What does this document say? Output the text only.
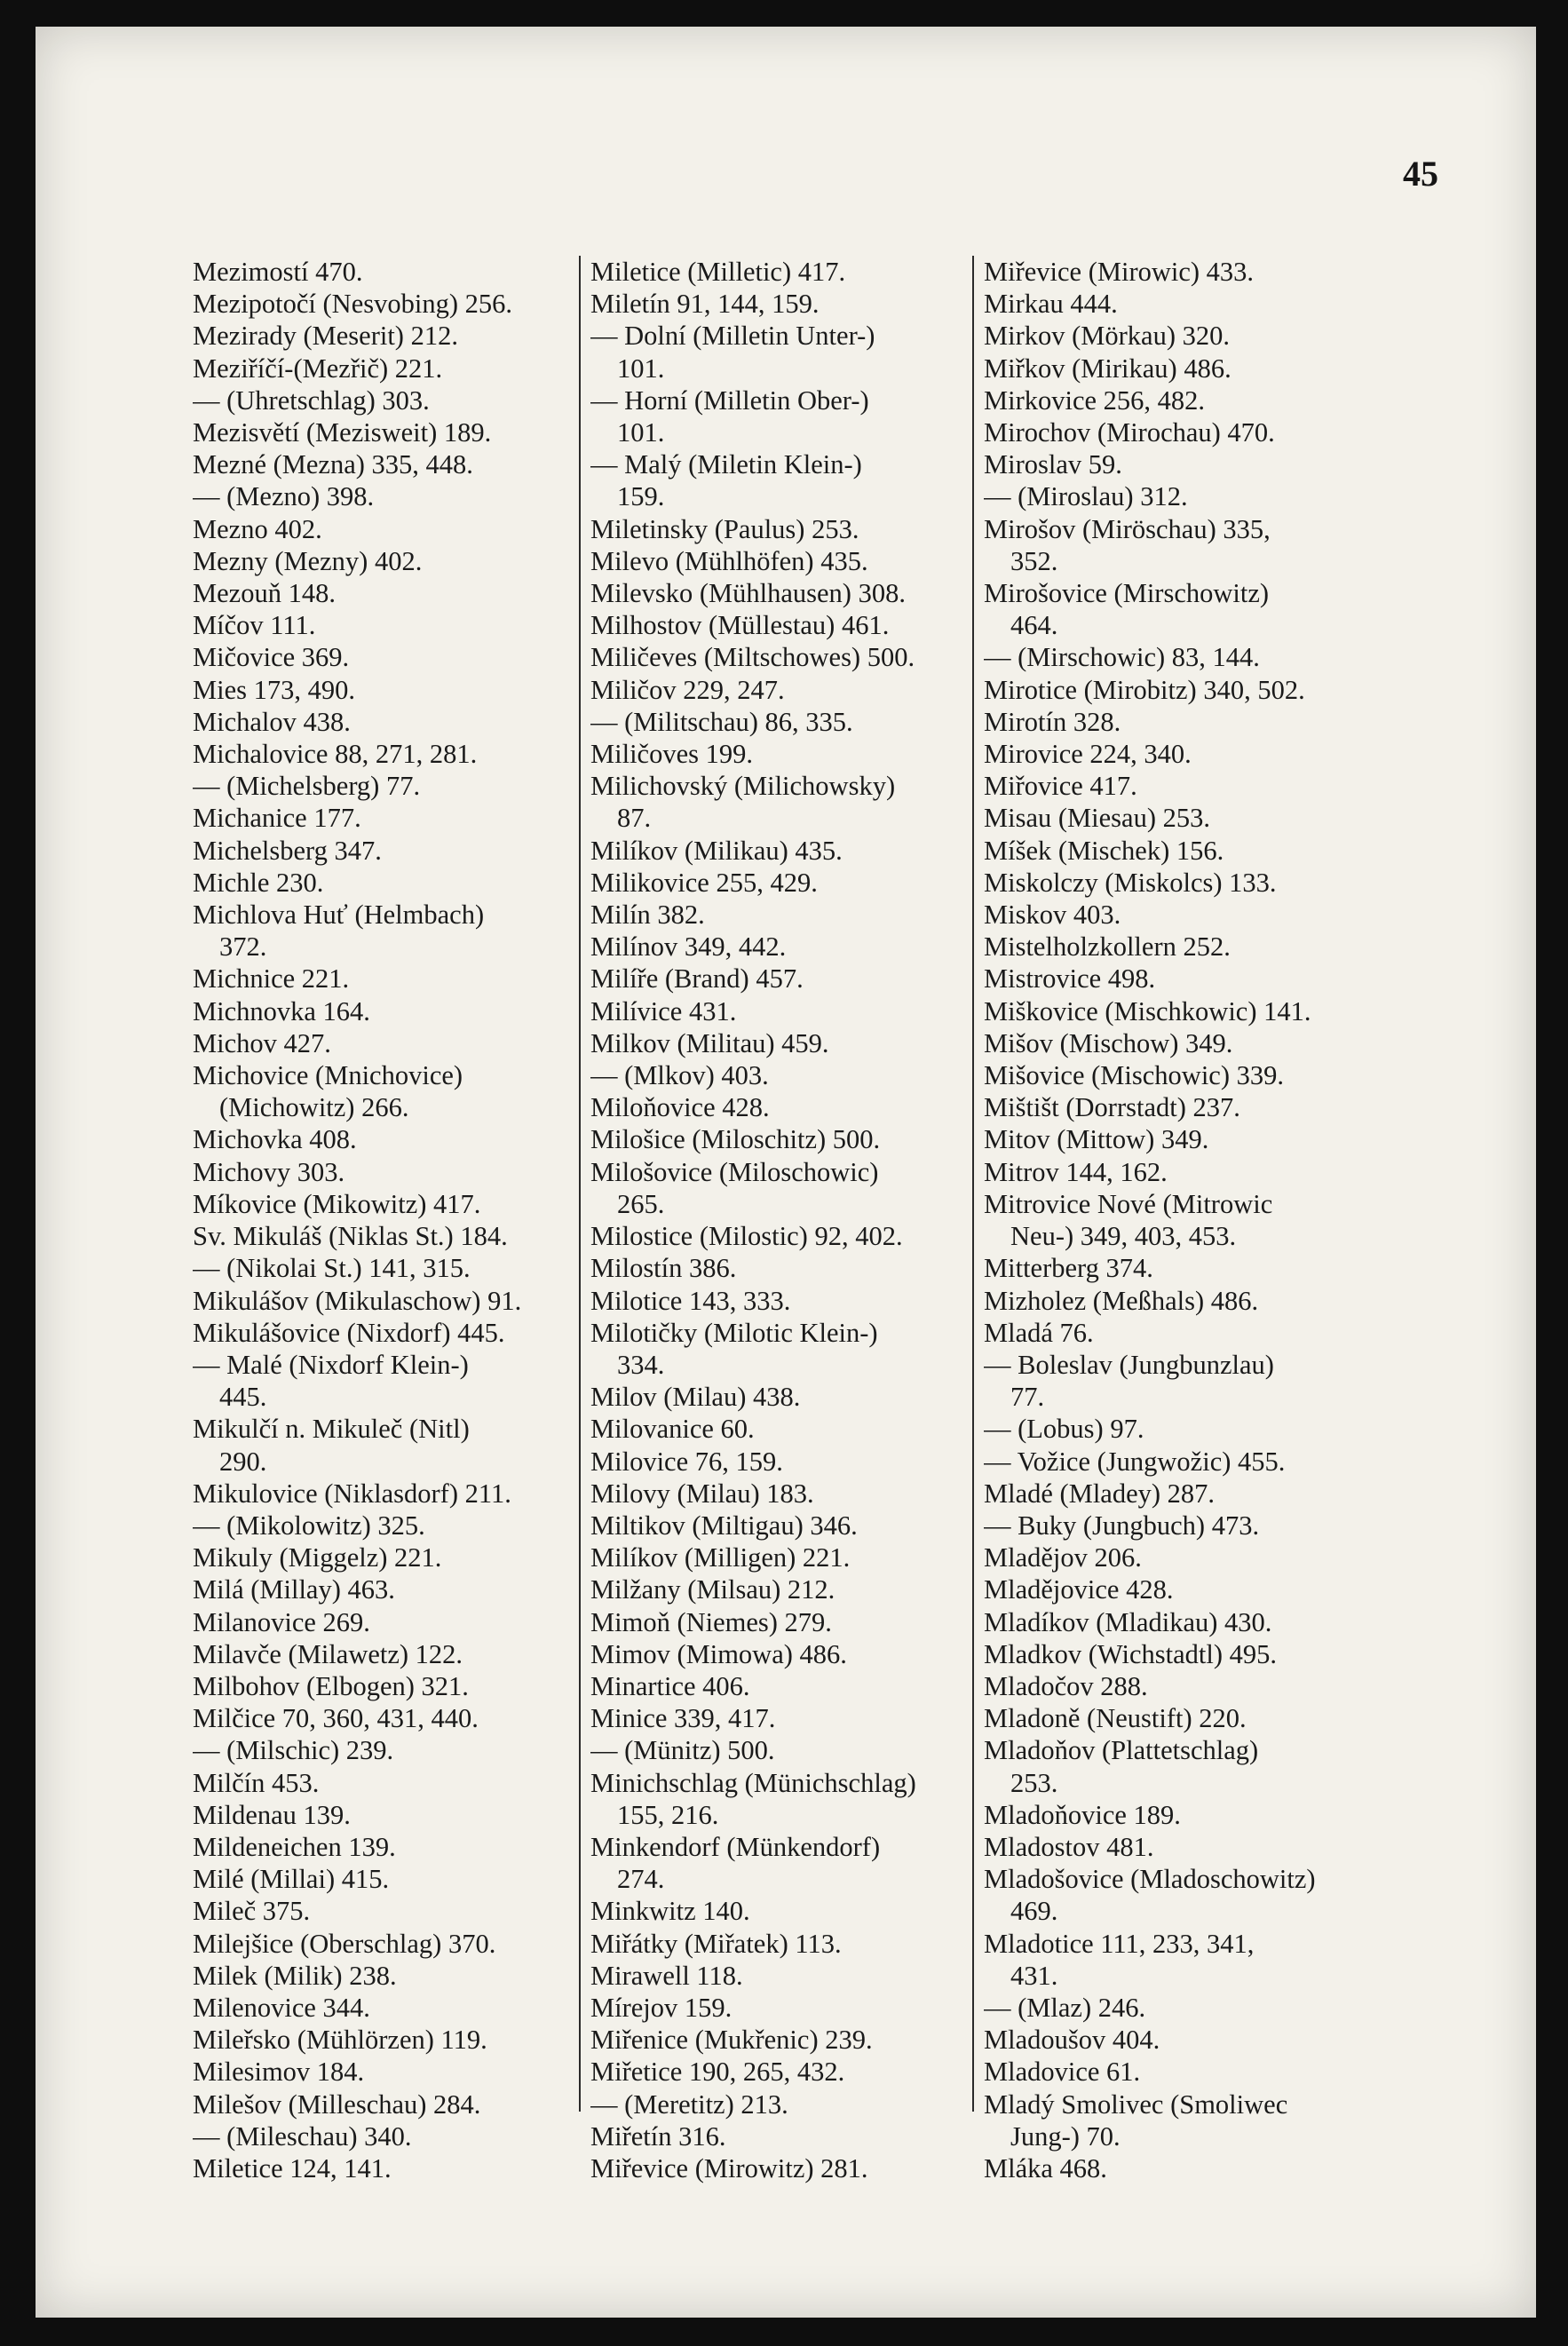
45
Mezimostí 470.
Mezipotočí (Nesvobing) 256.
Mezirady (Meserit) 212.
Meziříčí-(Mezřič) 221.
— (Uhretschlag) 303.
Mezisvětí (Mezisweit) 189.
Mezné (Mezna) 335, 448.
— (Mezno) 398.
Mezno 402.
Mezny (Mezny) 402.
Mezouň 148.
Míčov 111.
Mičovice 369.
Mies 173, 490.
Michalov 438.
Michalovice 88, 271, 281.
— (Michelsberg) 77.
Michanice 177.
Michelsberg 347.
Michle 230.
Michlova Huť (Helmbach)
372.
Michnice 221.
Michnovka 164.
Michov 427.
Michovice (Mnichovice)
(Michowitz) 266.
Michovka 408.
Michovy 303.
Míkovice (Mikowitz) 417.
Sv. Mikuláš (Niklas St.) 184.
— (Nikolai St.) 141, 315.
Mikulášov (Mikulaschow) 91.
Mikulášovice (Nixdorf) 445.
— Malé (Nixdorf Klein-)
445.
Mikulčí n. Mikuleč (Nitl)
290.
Mikulovice (Niklasdorf) 211.
— (Mikolowitz) 325.
Mikuly (Miggelz) 221.
Milá (Millay) 463.
Milanovice 269.
Milavče (Milawetz) 122.
Milbohov (Elbogen) 321.
Milčice 70, 360, 431, 440.
— (Milschic) 239.
Milčín 453.
Mildenau 139.
Mildeneichen 139.
Milé (Millai) 415.
Mileč 375.
Milejšice (Oberschlag) 370.
Milek (Milik) 238.
Milenovice 344.
Mileřsko (Mühlörzen) 119.
Milesimov 184.
Milešov (Milleschau) 284.
— (Mileschau) 340.
Miletice 124, 141.
Miletice (Milletic) 417.
Miletín 91, 144, 159.
— Dolní (Milletin Unter-)
101.
— Horní (Milletin Ober-)
101.
— Malý (Miletin Klein-)
159.
Miletinsky (Paulus) 253.
Milevo (Mühlhöfen) 435.
Milevsko (Mühlhausen) 308.
Milhostov (Müllestau) 461.
Miličeves (Miltschowes) 500.
Miličov 229, 247.
— (Militschau) 86, 335.
Miličoves 199.
Milichovský (Milichowsky)
87.
Milíkov (Milikau) 435.
Milikovice 255, 429.
Milín 382.
Milínov 349, 442.
Milíře (Brand) 457.
Milívice 431.
Milkov (Militau) 459.
— (Mlkov) 403.
Miloňovice 428.
Milošice (Miloschitz) 500.
Milošovice (Miloschowic)
265.
Milostice (Milostic) 92, 402.
Milostín 386.
Milotice 143, 333.
Milotičky (Milotic Klein-)
334.
Milov (Milau) 438.
Milovanice 60.
Milovice 76, 159.
Milovy (Milau) 183.
Miltikov (Miltigau) 346.
Milíkov (Milligen) 221.
Milžany (Milsau) 212.
Mimoň (Niemes) 279.
Mimov (Mimowa) 486.
Minartice 406.
Minice 339, 417.
— (Münitz) 500.
Minichschlag (Münichschlag)
155, 216.
Minkendorf (Münkendorf)
274.
Minkwitz 140.
Miřátky (Miřatek) 113.
Mirawell 118.
Mírejov 159.
Miřenice (Mukřenic) 239.
Miřetice 190, 265, 432.
— (Meretitz) 213.
Miřetín 316.
Miřevice (Mirowitz) 281.
Miřevice (Mirowic) 433.
Mirkau 444.
Mirkov (Mörkau) 320.
Miřkov (Mirikau) 486.
Mirkovice 256, 482.
Mirochov (Mirochau) 470.
Miroslav 59.
— (Miroslau) 312.
Mirošov (Miröschau) 335,
352.
Mirošovice (Mirschowitz)
464.
— (Mirschowic) 83, 144.
Mirotice (Mirobitz) 340, 502.
Mirotín 328.
Mirovice 224, 340.
Miřovice 417.
Misau (Miesau) 253.
Míšek (Mischek) 156.
Miskolczy (Miskolcs) 133.
Miskov 403.
Mistelholzkollern 252.
Mistrovice 498.
Miškovice (Mischkowic) 141.
Mišov (Mischow) 349.
Mišovice (Mischowic) 339.
Mištišt (Dorrstadt) 237.
Mitov (Mittow) 349.
Mitrov 144, 162.
Mitrovice Nové (Mitrowic
Neu-) 349, 403, 453.
Mitterberg 374.
Mizholez (Meßhals) 486.
Mladá 76.
— Boleslav (Jungbunzlau)
77.
— (Lobus) 97.
— Vožice (Jungwožic) 455.
Mladé (Mladey) 287.
— Buky (Jungbuch) 473.
Mladějov 206.
Mladějovice 428.
Mladíkov (Mladikau) 430.
Mladkov (Wichstadtl) 495.
Mladočov 288.
Mladoně (Neustift) 220.
Mladoňov (Plattetschlag)
253.
Mladoňovice 189.
Mladostov 481.
Mladošovice (Mladoschowitz)
469.
Mladotice 111, 233, 341,
431.
— (Mlaz) 246.
Mladoušov 404.
Mladovice 61.
Mladý Smolivec (Smoliwec
Jung-) 70.
Mláka 468.
